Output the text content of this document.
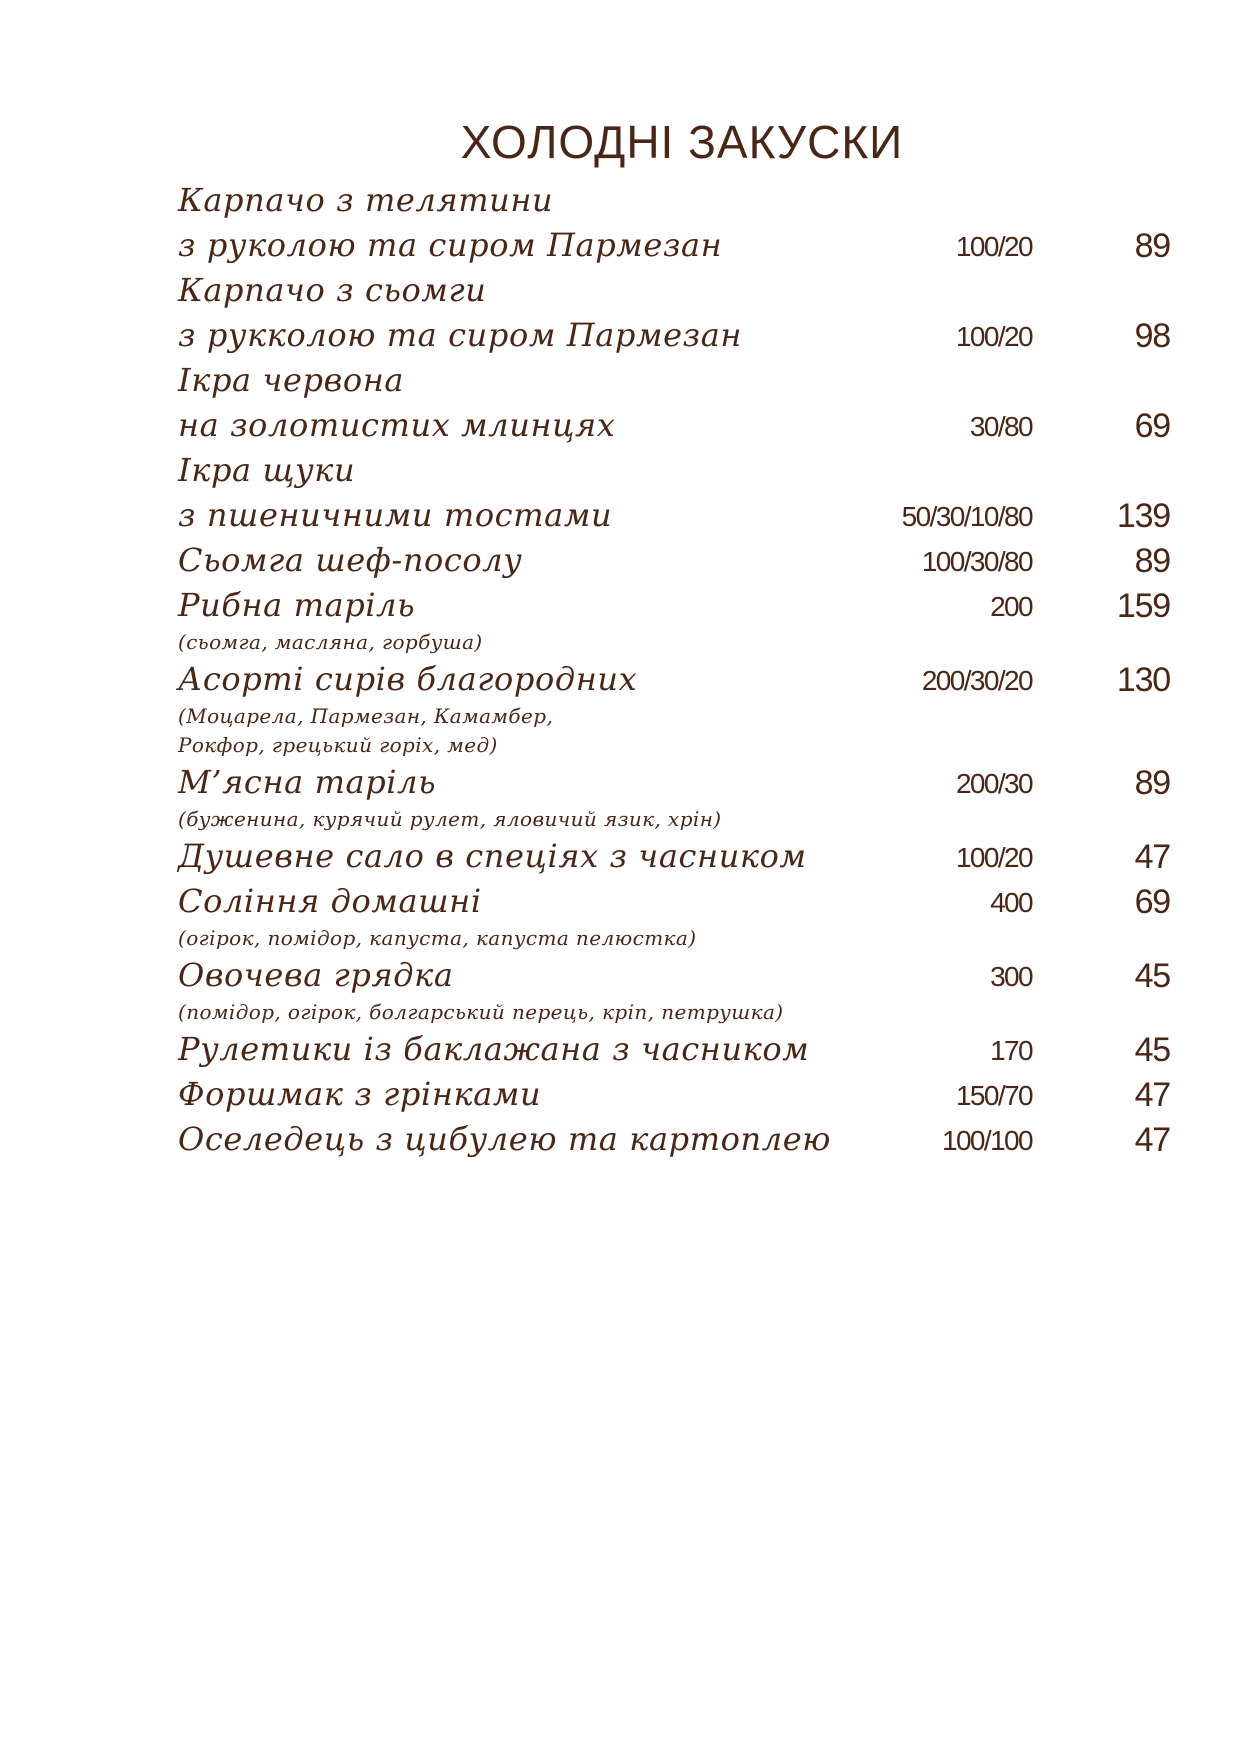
ХОЛОДНІ ЗАКУСКИ
Карпачо з телятини
з руколою та сиром Пармезан	100/20	89
Карпачо з сьомги
з рукколою та сиром Пармезан	100/20	98
Ікра червона
на золотистих млинцях	30/80	69
Ікра щуки
з пшеничними тостами	50/30/10/80 139
Сьомга шеф-посолу	100/30/80	89
Рибна таріль	200 159
(сьомга, масляна, горбуша)
Асорті сирів благородних	200/30/20 130
(Моцарела, Пармезан, Камамбер,
Рокфор, грецький горіх, мед)
М’ясна таріль	200/30	89
(буженина, курячий рулет, яловичий язик, хрін)
Душевне сало в спеціях з часником	100/20	47
Соління домашні	400	69
(огірок, помідор, капуста, капуста пелюстка)
Овочева грядка	300	45
(помідор, огірок, болгарський перець, кріп, петрушка)
Рулетики із баклажана з часником	170	45
Форшмак з грінками	150/70	47
Оселедець з цибулею та картоплею	100/100	47
